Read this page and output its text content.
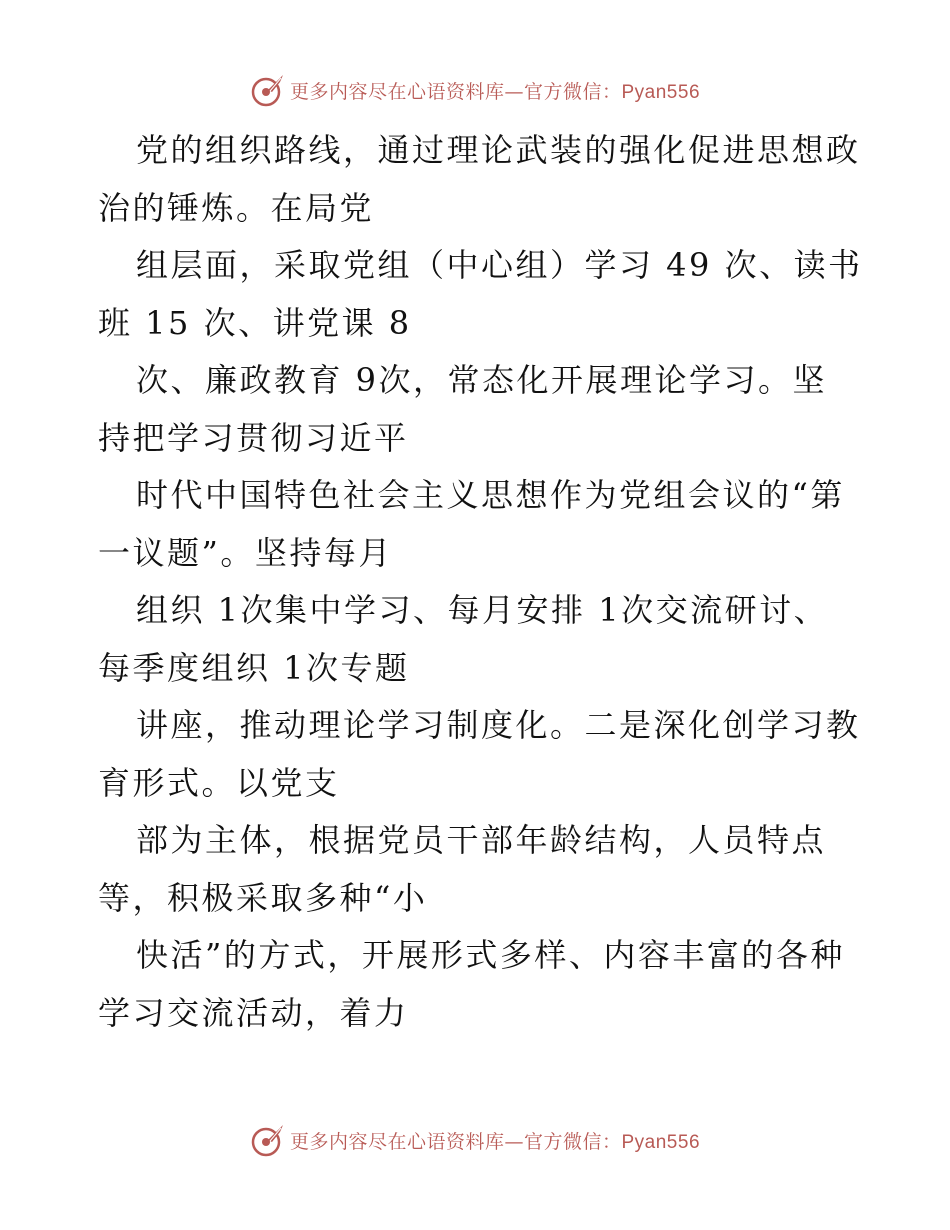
更多内容尽在心语资料库—官方微信：Pyan556

党的组织路线，通过理论武装的强化促进思想政
治的锤炼。在局党

组层面，采取党组（中心组）学习 49 次、读书
班 15 次、讲党课 8

次、廉政教育 9次，常态化开展理论学习。坚
持把学习贯彻习近平

时代中国特色社会主义思想作为党组会议的“第
一议题”。坚持每月

组织 1次集中学习、每月安排 1次交流研讨、
每季度组织 1次专题

讲座，推动理论学习制度化。二是深化创学习教
育形式。以党支

部为主体，根据党员干部年龄结构，人员特点
等，积极采取多种“小

快活”的方式，开展形式多样、内容丰富的各种
学习交流活动，着力

更多内容尽在心语资料库—官方微信：Pyan556
